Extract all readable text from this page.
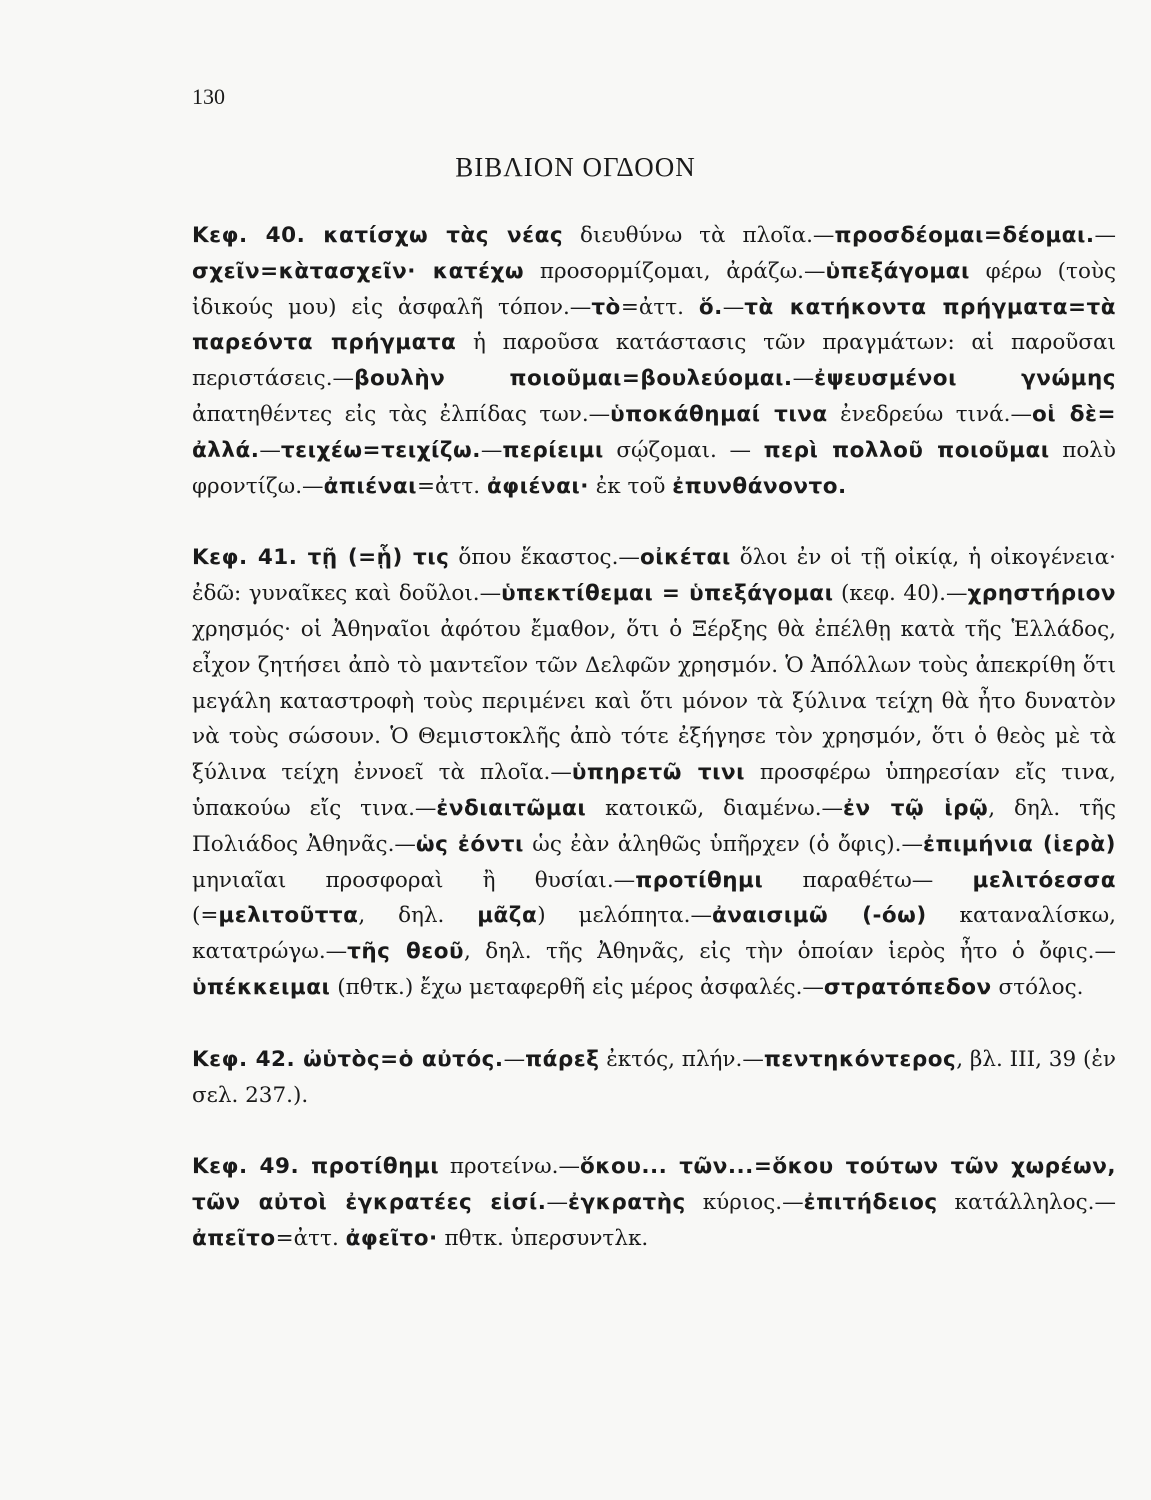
130
ΒΙΒΛΙΟΝ ΟΓΔΟΟΝ

Κεφ. 40. κατίσχω τὰς νέας διευθύνω τὰ πλοῖα.—προσδέομαι=δέομαι.—σχεῖν=κὰτασχεῖν· κατέχω προσορμίζομαι, ἀράζω.—ὑπεξάγομαι φέρω (τοὺς ἰδικούς μου) εἰς ἀσφαλῆ τόπον.—τὸ=ἀττ. ὅ.—τὰ κατήκοντα πρήγματα=τὰ παρεόντα πρήγματα ἡ παροῦσα κατάστασις τῶν πραγμάτων: αἱ παροῦσαι περιστάσεις.—βουλὴν ποιοῦμαι=βουλεύομαι.—ἐψευσμένοι γνώμης ἀπατηθέντες εἰς τὰς ἐλπίδας των.—ὑποκάθημαί τινα ἐνεδρεύω τινά.—οἱ δὲ= ἀλλά.—τειχέω=τειχίζω.—περίειμι σῴζομαι. — περὶ πολλοῦ ποιοῦμαι πολὺ φροντίζω.—ἀπιέναι=ἀττ. ἀφιέναι· ἐκ τοῦ ἐπυνθάνοντο.

Κεφ. 41. τῇ (=ᾗ) τις ὅπου ἕκαστος.—οἰκέται ὅλοι ἐν οἱ τῇ οἰκίᾳ, ἡ οἰκογένεια· ἐδῶ: γυναῖκες καὶ δοῦλοι.—ὑπεκτίθεμαι = ὑπεξάγομαι (κεφ. 40).—χρηστήριον χρησμός· οἱ Ἀθηναῖοι ἀφότου ἔμαθον, ὅτι ὁ Ξέρξης θὰ ἐπέλθῃ κατὰ τῆς Ἑλλάδος, εἶχον ζητήσει ἀπὸ τὸ μαντεῖον τῶν Δελφῶν χρησμόν. Ὁ Ἀπόλλων τοὺς ἀπεκρίθη ὅτι μεγάλη καταστροφὴ τοὺς περιμένει καὶ ὅτι μόνον τὰ ξύλινα τείχη θὰ ἦτο δυνατὸν νὰ τοὺς σώσουν. Ὁ Θεμιστοκλῆς ἀπὸ τότε ἐξήγησε τὸν χρησμόν, ὅτι ὁ θεὸς μὲ τὰ ξύλινα τείχη ἐννοεῖ τὰ πλοῖα.—ὑπηρετῶ τινι προσφέρω ὑπηρεσίαν εἴς τινα, ὑπακούω εἴς τινα.—ἐνδιαιτῶμαι κατοικῶ, διαμένω.—ἐν τῷ ἱρῷ, δηλ. τῆς Πολιάδος Ἀθηνᾶς.—ὡς ἐόντι ὡς ἐὰν ἀληθῶς ὑπῆρχεν (ὁ ὄφις).—ἐπιμήνια (ἱερὰ) μηνιαῖαι προσφοραὶ ἢ θυσίαι.—προτίθημι παραθέτω— μελιτόεσσα (=μελιτοῦττα, δηλ. μᾶζα) μελόπητα.—ἀναισιμῶ (-όω) καταναλίσκω, κατατρώγω.—τῆς θεοῦ, δηλ. τῆς Ἀθηνᾶς, εἰς τὴν ὁποίαν ἱερὸς ἦτο ὁ ὄφις.—ὑπέκκειμαι (πθτκ.) ἔχω μεταφερθῆ εἰς μέρος ἀσφαλές.—στρατόπεδον στόλος.

Κεφ. 42. ὠὑτὸς=ὁ αὐτός.—πάρεξ ἐκτός, πλήν.—πεντηκόντερος, βλ. ΙΙΙ, 39 (ἐν σελ. 237.).

Κεφ. 49. προτίθημι προτείνω.—ὅκου... τῶν...=ὅκου τούτων τῶν χωρέων, τῶν αὐτοὶ ἐγκρατέες εἰσί.—ἐγκρατὴς κύριος.—ἐπιτήδειος κατάλληλος.—ἀπεῖτο=ἀττ. ἀφεῖτο· πθτκ. ὑπερσυντλκ.
